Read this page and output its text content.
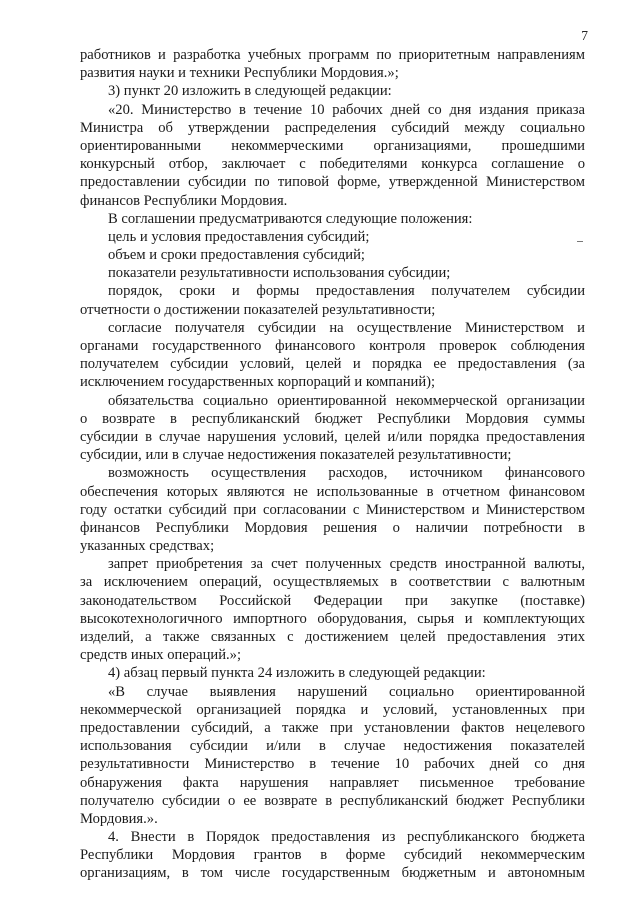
7
работников и разработка учебных программ по приоритетным направлениям
развития науки и техники Республики Мордовия.»;
3) пункт 20 изложить в следующей редакции:
«20. Министерство в течение 10 рабочих дней со дня издания приказа
Министра об утверждении распределения субсидий между социально
ориентированными некоммерческими организациями, прошедшими
конкурсный отбор, заключает с победителями конкурса соглашение о
предоставлении субсидии по типовой форме, утвержденной Министерством
финансов Республики Мордовия.
В соглашении предусматриваются следующие положения:
цель и условия предоставления субсидий;
объем и сроки предоставления субсидий;
показатели результативности использования субсидии;
порядок, сроки и формы предоставления получателем субсидии
отчетности о достижении показателей результативности;
согласие получателя субсидии на осуществление Министерством и
органами государственного финансового контроля проверок соблюдения
получателем субсидии условий, целей и порядка ее предоставления (за
исключением государственных корпораций и компаний);
обязательства социально ориентированной некоммерческой организации
о возврате в республиканский бюджет Республики Мордовия суммы
субсидии в случае нарушения условий, целей и/или порядка предоставления
субсидии, или в случае недостижения показателей результативности;
возможность осуществления расходов, источником финансового
обеспечения которых являются не использованные в отчетном финансовом
году остатки субсидий при согласовании с Министерством и Министерством
финансов Республики Мордовия решения о наличии потребности в
указанных средствах;
запрет приобретения за счет полученных средств иностранной валюты,
за исключением операций, осуществляемых в соответствии с валютным
законодательством Российской Федерации при закупке (поставке)
высокотехнологичного импортного оборудования, сырья и комплектующих
изделий, а также связанных с достижением целей предоставления этих
средств иных операций.»;
4) абзац первый пункта 24 изложить в следующей редакции:
«В случае выявления нарушений социально ориентированной
некоммерческой организацией порядка и условий, установленных при
предоставлении субсидий, а также при установлении фактов нецелевого
использования субсидии и/или в случае недостижения показателей
результативности Министерство в течение 10 рабочих дней со дня
обнаружения факта нарушения направляет письменное требование
получателю субсидии о ее возврате в республиканский бюджет Республики
Мордовия.».
4. Внести в Порядок предоставления из республиканского бюджета
Республики Мордовия грантов в форме субсидий некоммерческим
организациям, в том числе государственным бюджетным и автономным
